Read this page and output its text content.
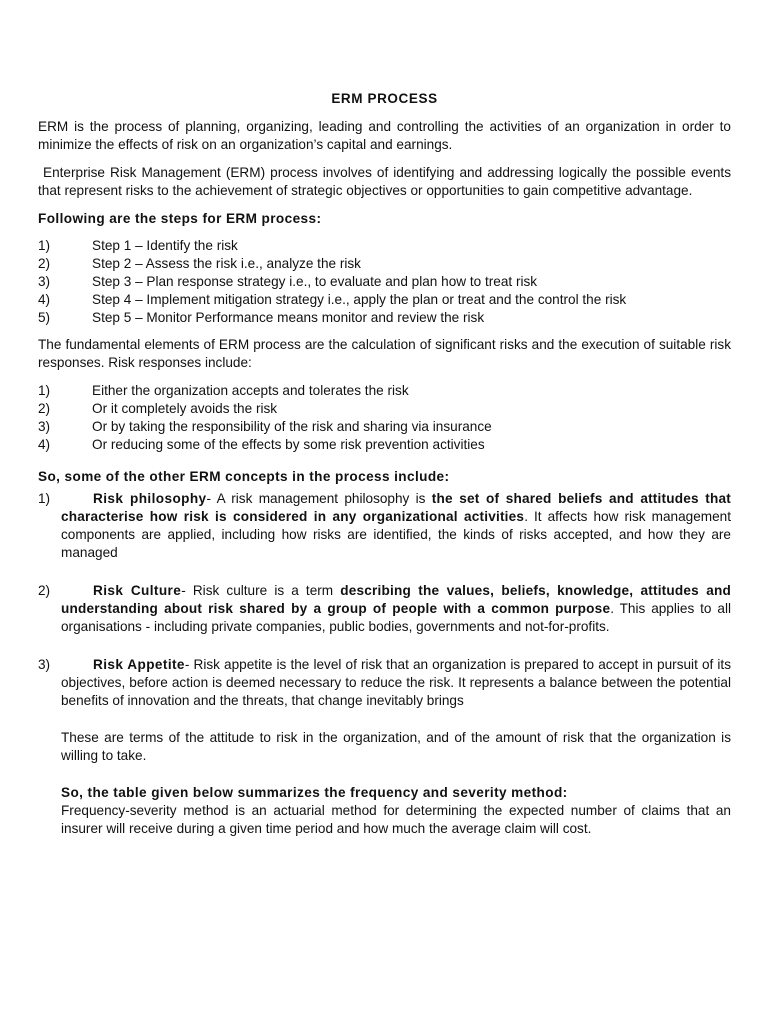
ERM PROCESS

ERM is the process of planning, organizing, leading and controlling the activities of an organization in order to minimize the effects of risk on an organization’s capital and earnings.

Enterprise Risk Management (ERM) process involves of identifying and addressing logically the possible events that represent risks to the achievement of strategic objectives or opportunities to gain competitive advantage.

Following are the steps for ERM process:
1)	Step 1 – Identify the risk
2)	Step 2 – Assess the risk i.e., analyze the risk
3)	Step 3 – Plan response strategy i.e., to evaluate and plan how to treat risk
4)	Step 4 – Implement mitigation strategy i.e., apply the plan or treat and the control the risk
5)	Step 5 – Monitor Performance means monitor and review the risk

The fundamental elements of ERM process are the calculation of significant risks and the execution of suitable risk responses. Risk responses include:

1)	Either the organization accepts and tolerates the risk
2)	Or it completely avoids the risk
3)	Or by taking the responsibility of the risk and sharing via insurance
4)	Or reducing some of the effects by some risk prevention activities
So, some of the other ERM concepts in the process include:
1)	Risk philosophy- A risk management philosophy is the set of shared beliefs and attitudes that characterise how risk is considered in any organizational activities. It affects how risk management components are applied, including how risks are identified, the kinds of risks accepted, and how they are managed
2)	Risk Culture- Risk culture is a term describing the values, beliefs, knowledge, attitudes and understanding about risk shared by a group of people with a common purpose. This applies to all organisations - including private companies, public bodies, governments and not-for-profits.
3)	Risk Appetite- Risk appetite is the level of risk that an organization is prepared to accept in pursuit of its objectives, before action is deemed necessary to reduce the risk. It represents a balance between the potential benefits of innovation and the threats, that change inevitably brings

These are terms of the attitude to risk in the organization, and of the amount of risk that the organization is willing to take.

So, the table given below summarizes the frequency and severity method:

Frequency-severity method is an actuarial method for determining the expected number of claims that an insurer will receive during a given time period and how much the average claim will cost.
